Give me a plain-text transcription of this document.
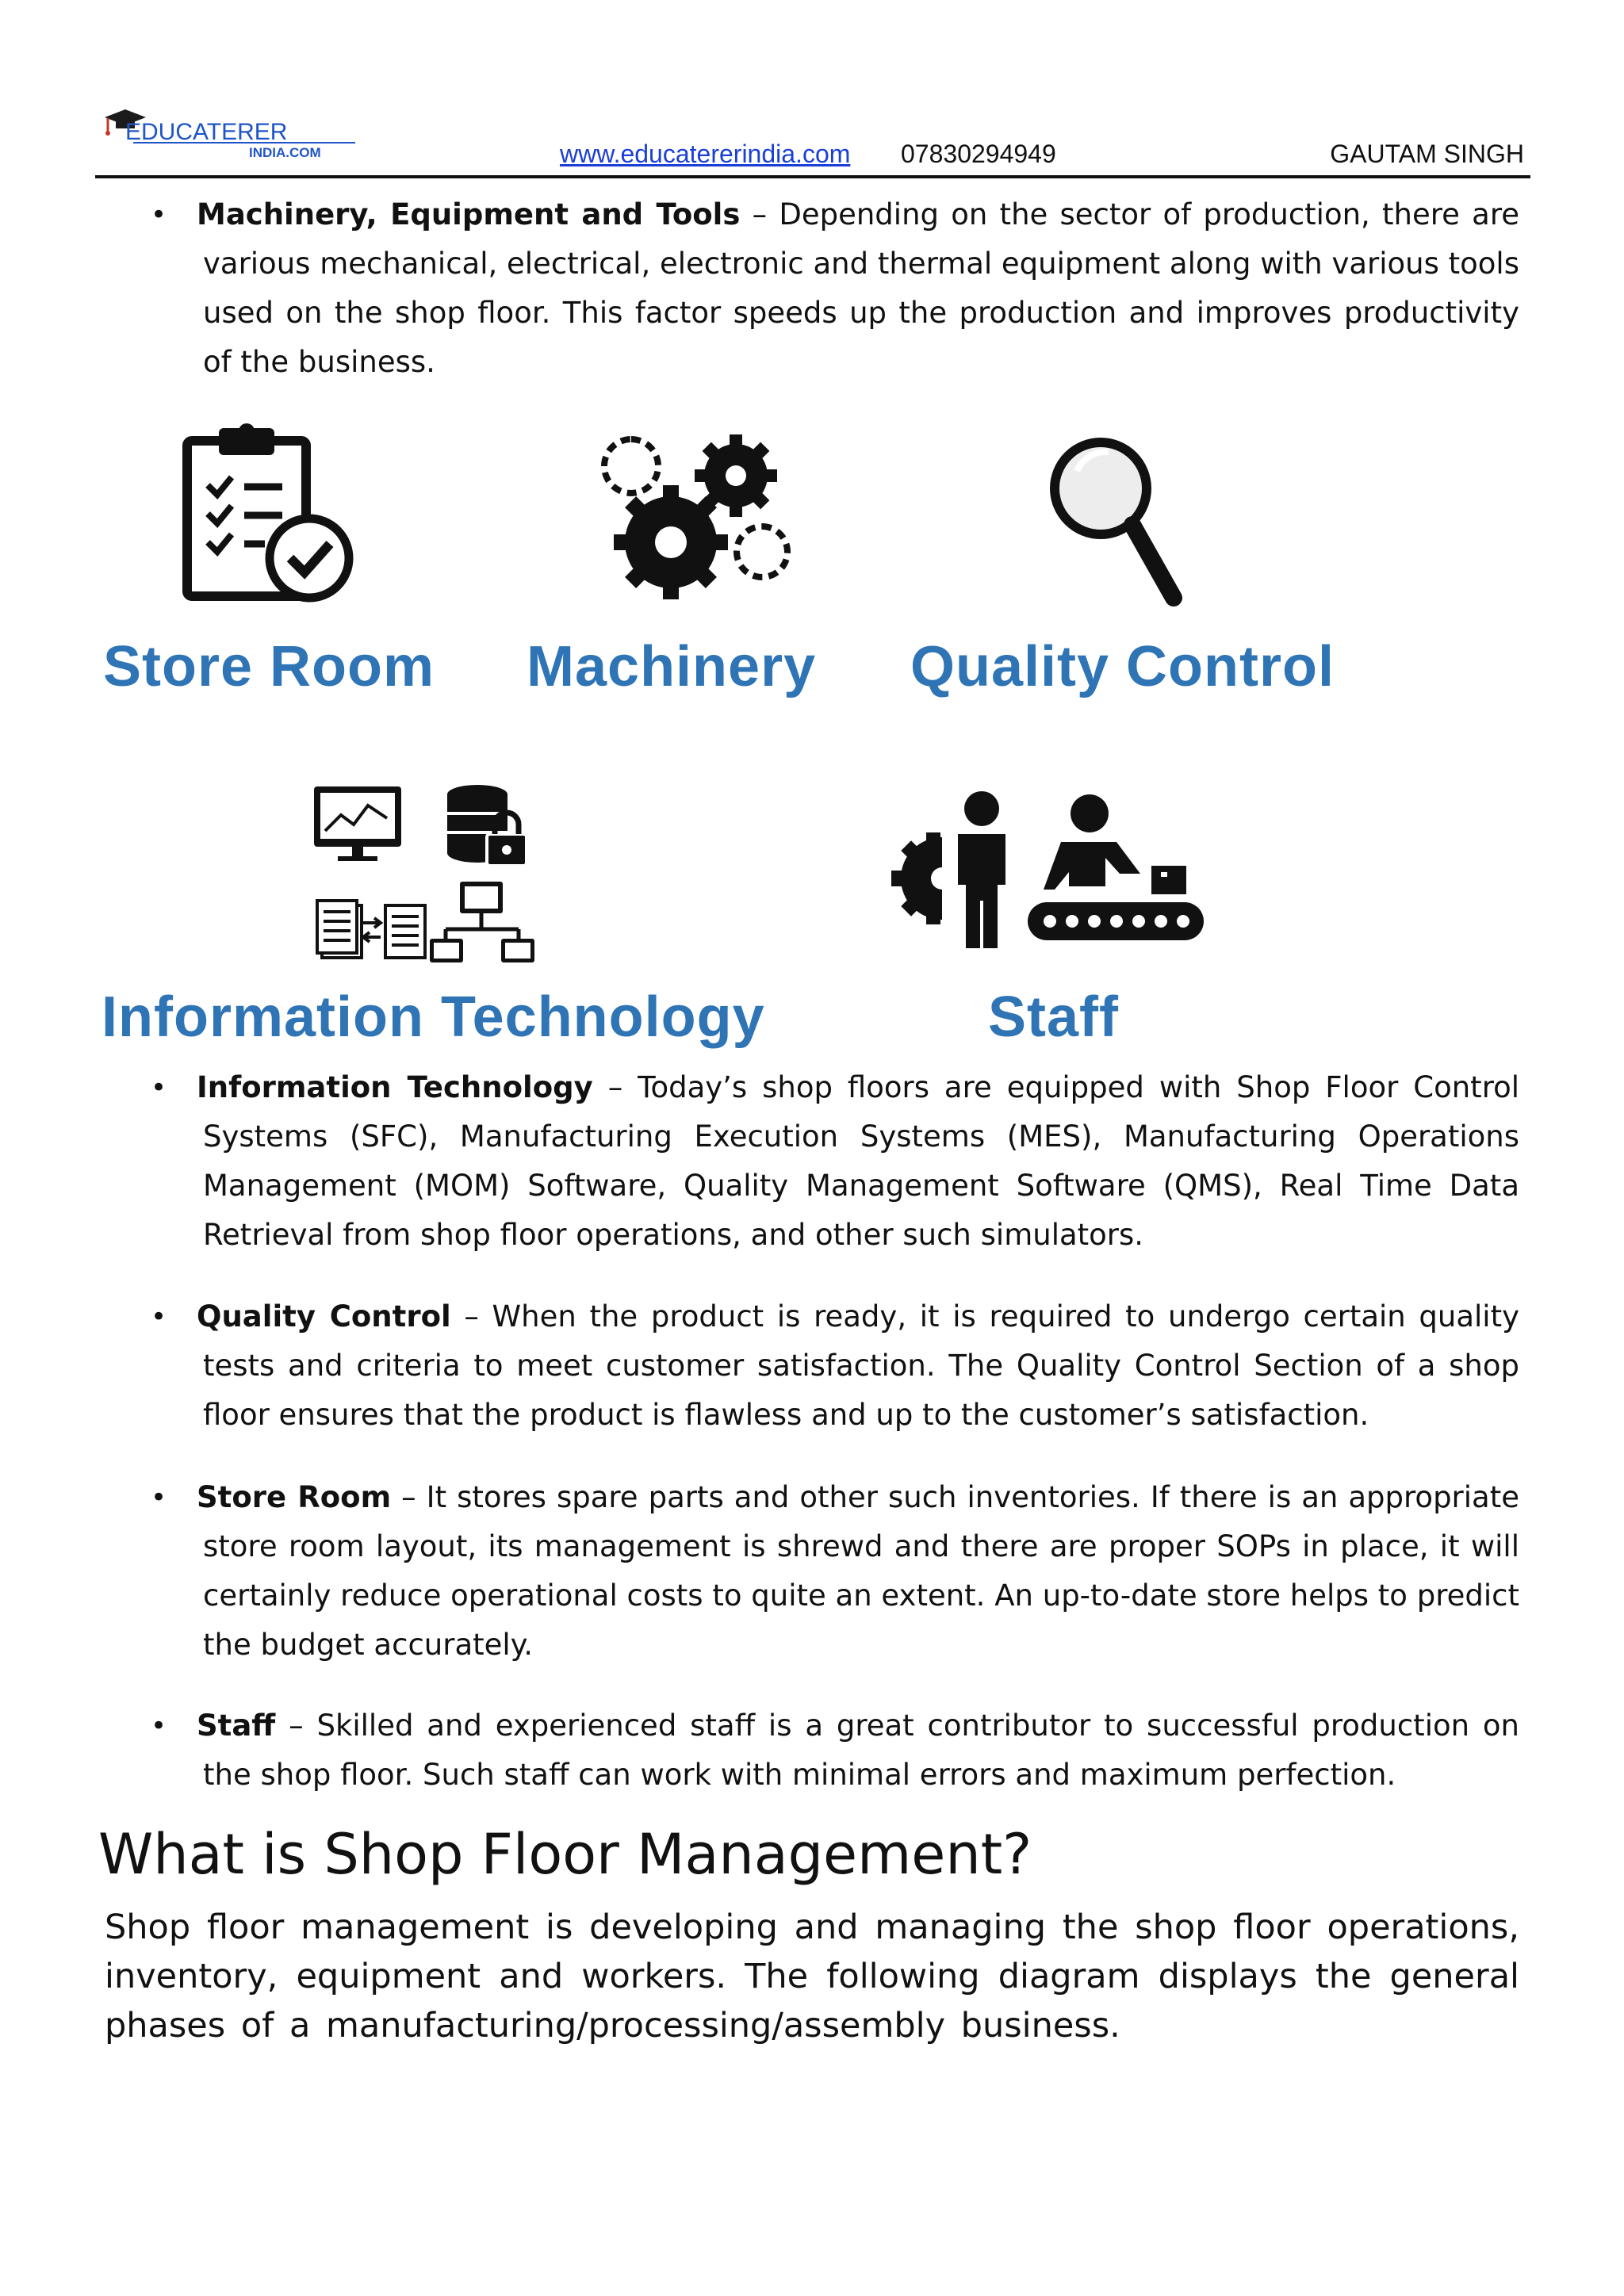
EDUCATERER
INDIA.COM	www.educatererindia.com 07830294949	GAUTAM SINGH
• Machinery, Equipment and Tools – Depending on the sector of production, there are various mechanical, electrical, electronic and thermal equipment along with various tools used on the shop floor. This factor speeds up the production and improves productivity of the business.
Store Room Machinery Quality Control
Information Technology	Staff
• Information Technology – Today’s shop floors are equipped with Shop Floor Control Systems (SFC), Manufacturing Execution Systems (MES), Manufacturing Operations Management (MOM) Software, Quality Management Software (QMS), Real Time Data Retrieval from shop floor operations, and other such simulators.
• Quality Control – When the product is ready, it is required to undergo certain quality tests and criteria to meet customer satisfaction. The Quality Control Section of a shop floor ensures that the product is flawless and up to the customer’s satisfaction.
• Store Room – It stores spare parts and other such inventories. If there is an appropriate store room layout, its management is shrewd and there are proper SOPs in place, it will certainly reduce operational costs to quite an extent. An up-to-date store helps to predict the budget accurately.
• Staff – Skilled and experienced staff is a great contributor to successful production on the shop floor. Such staff can work with minimal errors and maximum perfection.
What is Shop Floor Management?

Shop floor management is developing and managing the shop floor operations, inventory, equipment and workers. The following diagram displays the general phases of a manufacturing/processing/assembly business.
